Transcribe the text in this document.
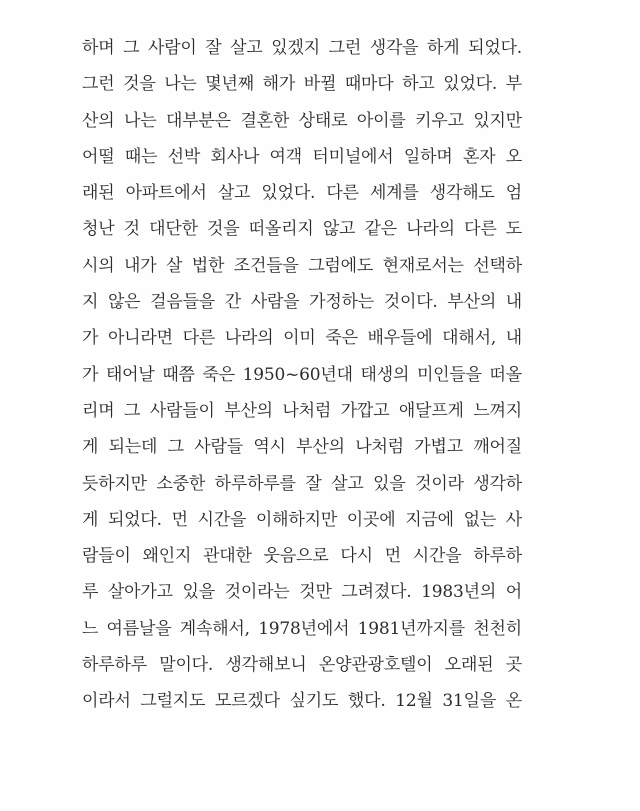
하며 그 사람이 잘 살고 있겠지 그런 생각을 하게 되었다.
그런 것을 나는 몇년째 해가 바뀔 때마다 하고 있었다. 부
산의 나는 대부분은 결혼한 상태로 아이를 키우고 있지만
어떨 때는 선박 회사나 여객 터미널에서 일하며 혼자 오
래된 아파트에서 살고 있었다. 다른 세계를 생각해도 엄
청난 것 대단한 것을 떠올리지 않고 같은 나라의 다른 도
시의 내가 살 법한 조건들을 그럼에도 현재로서는 선택하
지 않은 걸음들을 간 사람을 가정하는 것이다. 부산의 내
가 아니라면 다른 나라의 이미 죽은 배우들에 대해서, 내
가 태어날 때쯤 죽은 1950~60년대 태생의 미인들을 떠올
리며 그 사람들이 부산의 나처럼 가깝고 애달프게 느껴지
게 되는데 그 사람들 역시 부산의 나처럼 가볍고 깨어질
듯하지만 소중한 하루하루를 잘 살고 있을 것이라 생각하
게 되었다. 먼 시간을 이해하지만 이곳에 지금에 없는 사
람들이 왜인지 관대한 웃음으로 다시 먼 시간을 하루하
루 살아가고 있을 것이라는 것만 그려졌다. 1983년의 어
느 여름날을 계속해서, 1978년에서 1981년까지를 천천히
하루하루 말이다. 생각해보니 온양관광호텔이 오래된 곳
이라서 그럴지도 모르겠다 싶기도 했다. 12월 31일을 온
